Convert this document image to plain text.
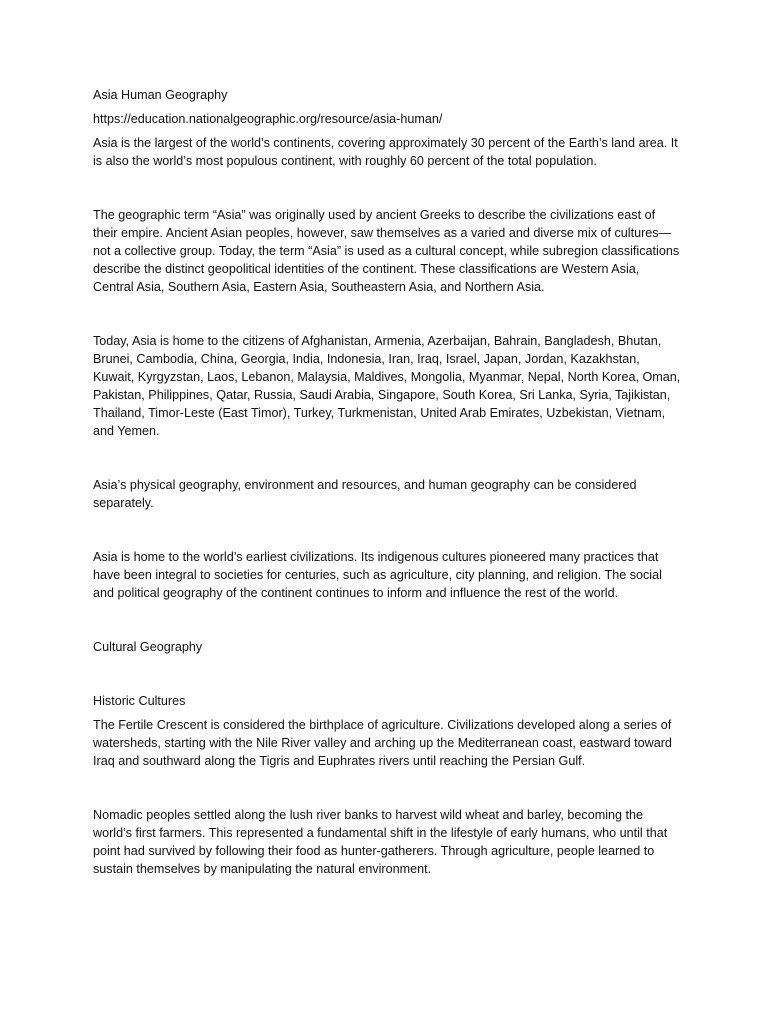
Asia Human Geography

https://education.nationalgeographic.org/resource/asia-human/

Asia is the largest of the world’s continents, covering approximately 30 percent of the Earth’s land area. It is also the world’s most populous continent, with roughly 60 percent of the total population.

The geographic term “Asia” was originally used by ancient Greeks to describe the civilizations east of their empire. Ancient Asian peoples, however, saw themselves as a varied and diverse mix of cultures—not a collective group. Today, the term “Asia” is used as a cultural concept, while subregion classifications describe the distinct geopolitical identities of the continent. These classifications are Western Asia, Central Asia, Southern Asia, Eastern Asia, Southeastern Asia, and Northern Asia.

Today, Asia is home to the citizens of Afghanistan, Armenia, Azerbaijan, Bahrain, Bangladesh, Bhutan, Brunei, Cambodia, China, Georgia, India, Indonesia, Iran, Iraq, Israel, Japan, Jordan, Kazakhstan, Kuwait, Kyrgyzstan, Laos, Lebanon, Malaysia, Maldives, Mongolia, Myanmar, Nepal, North Korea, Oman, Pakistan, Philippines, Qatar, Russia, Saudi Arabia, Singapore, South Korea, Sri Lanka, Syria, Tajikistan, Thailand, Timor-Leste (East Timor), Turkey, Turkmenistan, United Arab Emirates, Uzbekistan, Vietnam, and Yemen.

Asia’s physical geography, environment and resources, and human geography can be considered separately.

Asia is home to the world’s earliest civilizations. Its indigenous cultures pioneered many practices that have been integral to societies for centuries, such as agriculture, city planning, and religion. The social and political geography of the continent continues to inform and influence the rest of the world.

Cultural Geography

Historic Cultures

The Fertile Crescent is considered the birthplace of agriculture. Civilizations developed along a series of watersheds, starting with the Nile River valley and arching up the Mediterranean coast, eastward toward Iraq and southward along the Tigris and Euphrates rivers until reaching the Persian Gulf.

Nomadic peoples settled along the lush river banks to harvest wild wheat and barley, becoming the world’s first farmers. This represented a fundamental shift in the lifestyle of early humans, who until that point had survived by following their food as hunter-gatherers. Through agriculture, people learned to sustain themselves by manipulating the natural environment.
